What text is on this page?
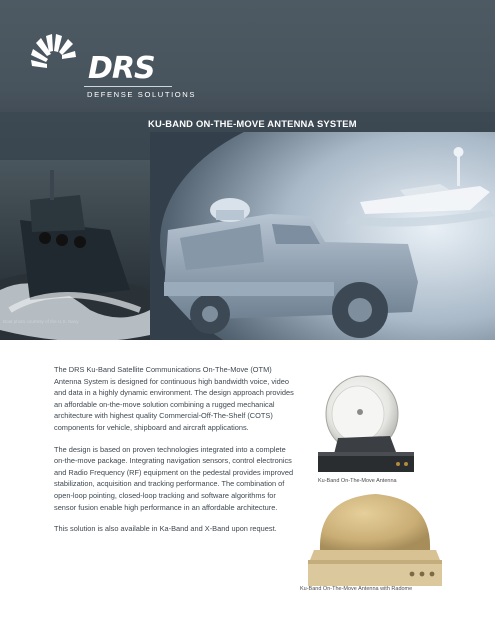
DRS
DEFENSE SOLUTIONS
Boat photo courtesy of the U.S. Navy
KU-BAND ON-THE-MOVE ANTENNA SYSTEM

The DRS Ku-Band Satellite Communications On-The-Move (OTM) Antenna System is designed for continuous high bandwidth voice, video and data in a highly dynamic environment. The design approach provides an affordable on-the-move solution combining a rugged mechanical architecture with highest quality Commercial-Off-The-Shelf (COTS) components for vehicle, shipboard and aircraft applications.

The design is based on proven technologies integrated into a complete on-the-move package. Integrating navigation sensors, control electronics and Radio Frequency (RF) equipment on the pedestal provides improved stabilization, acquisition and tracking performance. The combination of open-loop pointing, closed-loop tracking and software algorithms for sensor fusion enable high performance in an affordable architecture.

This solution is also available in Ka-Band and X-Band upon request.

Ku-Band On-The-Move Antenna
Ku-Band On-The-Move Antenna with Radome
